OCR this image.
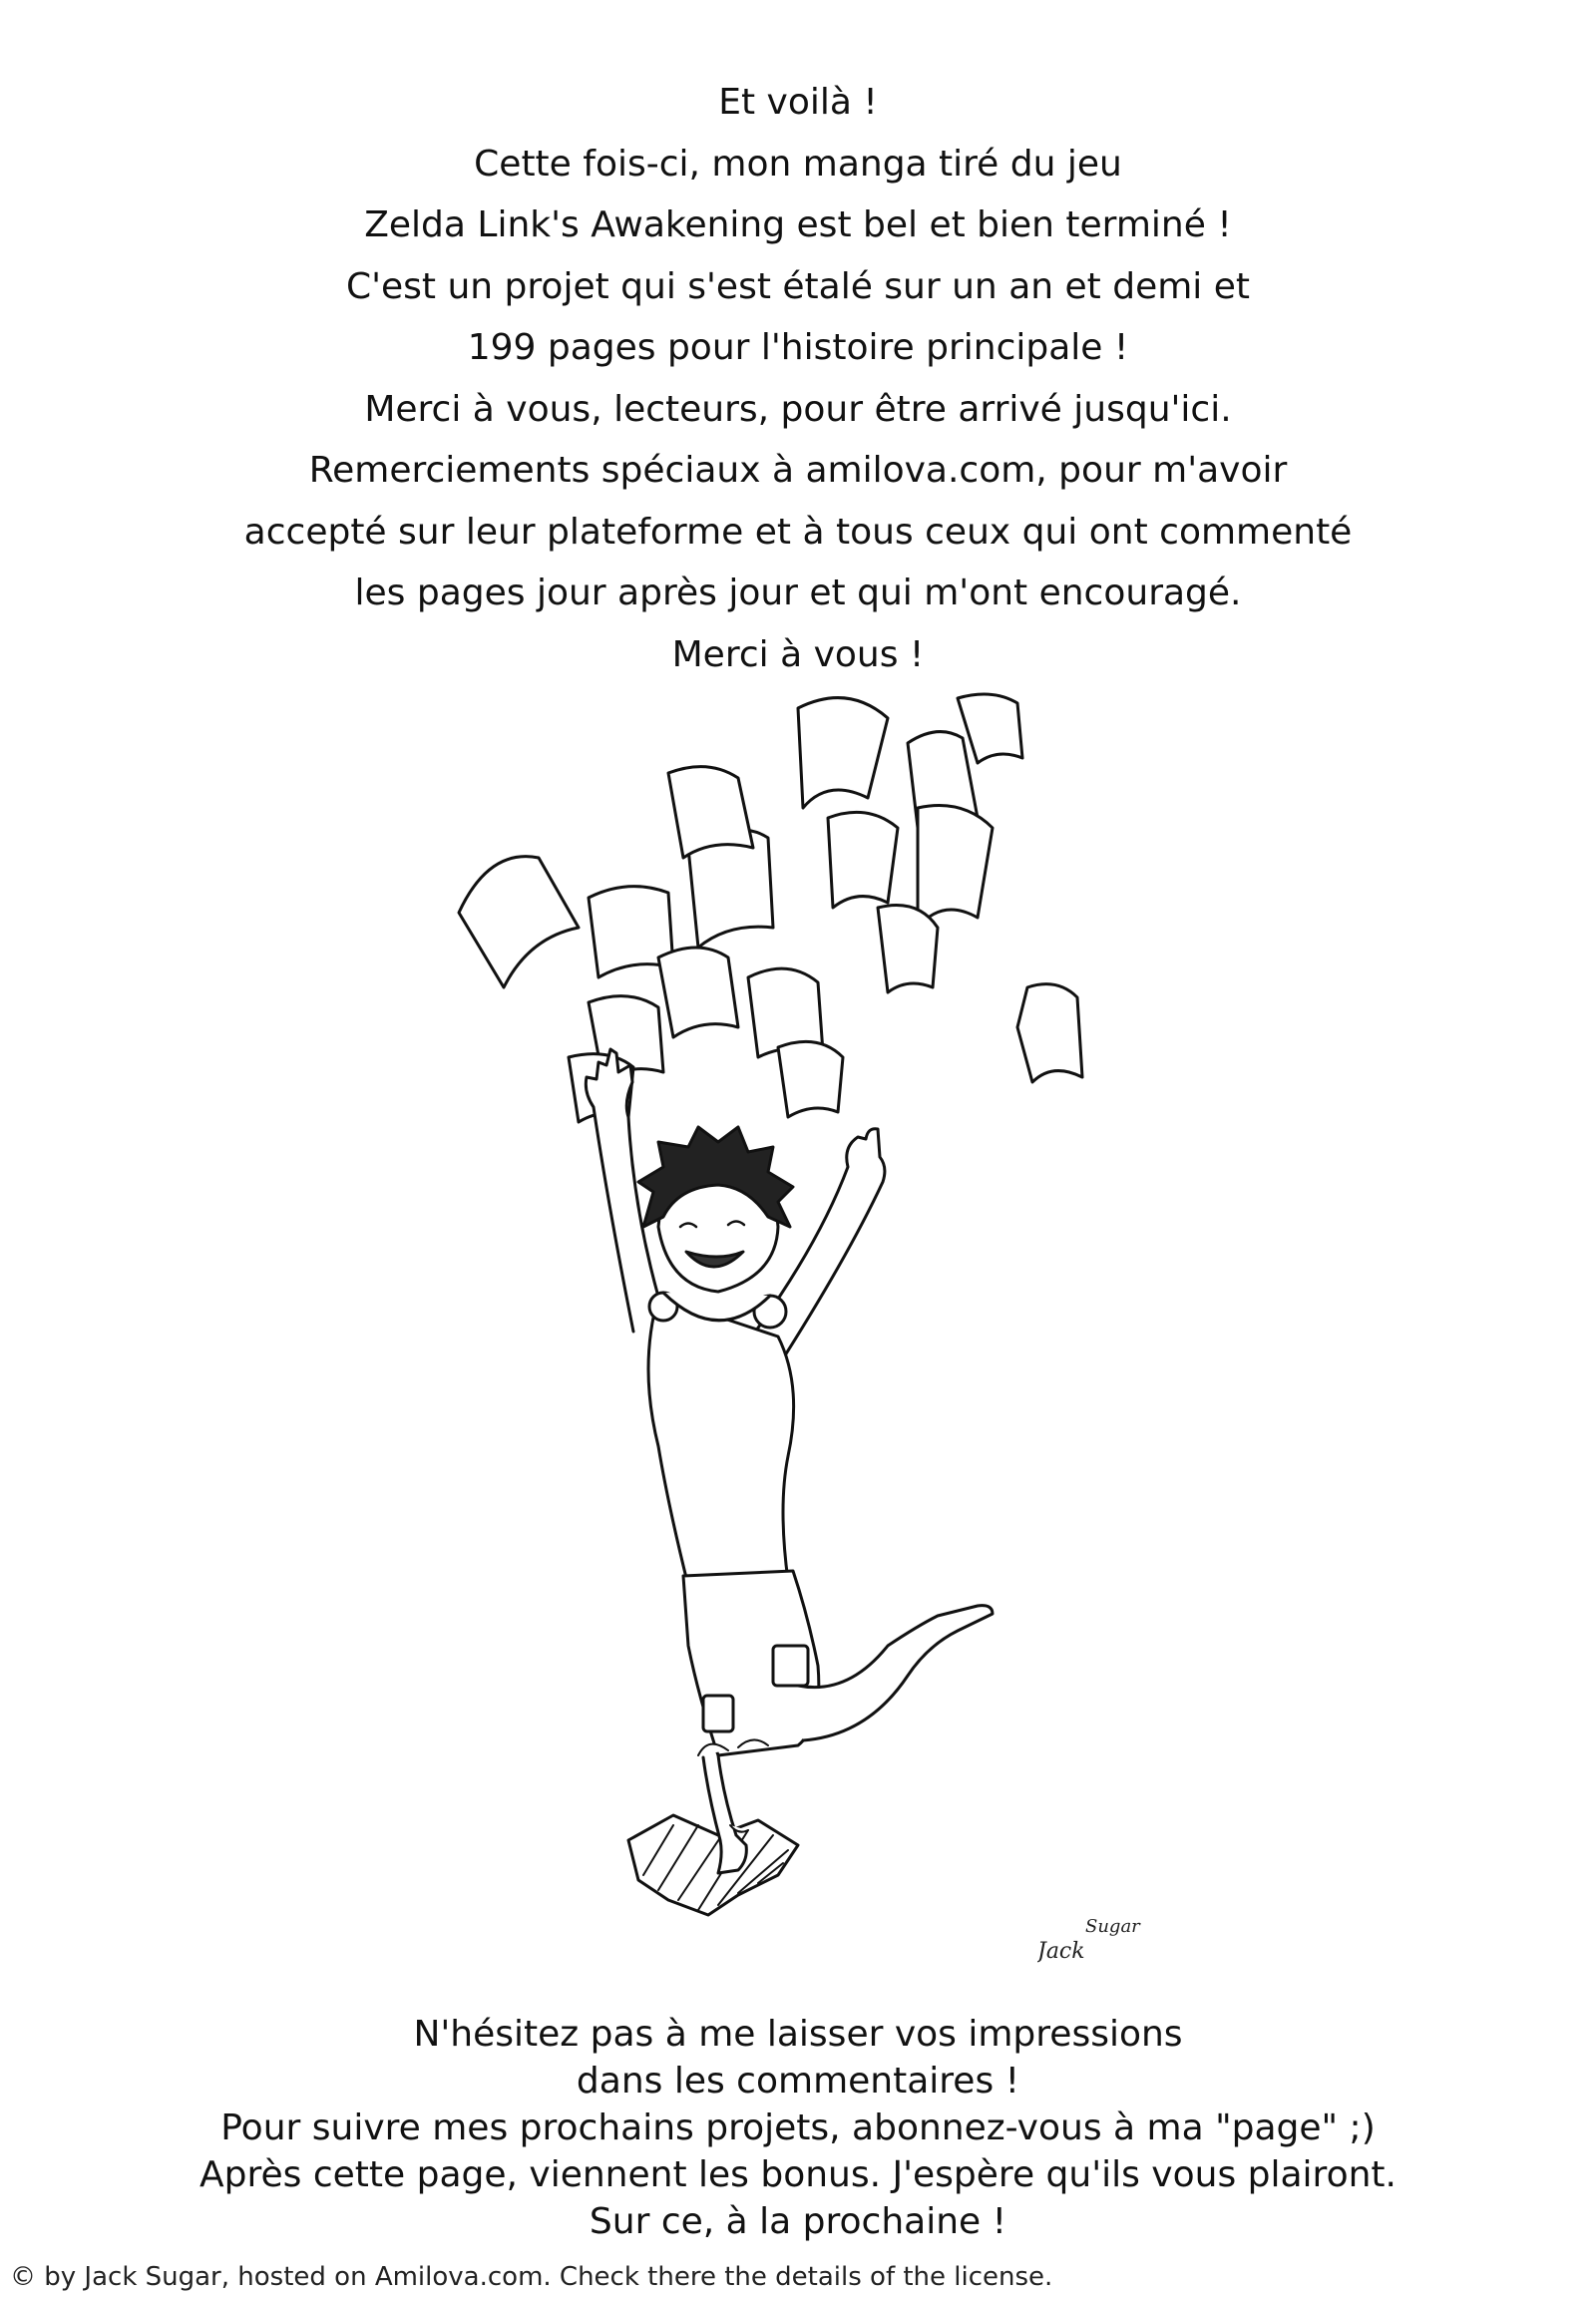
Et voilà !
Cette fois-ci, mon manga tiré du jeu
Zelda Link's Awakening est bel et bien terminé !
C'est un projet qui s'est étalé sur un an et demi et
199 pages pour l'histoire principale !
Merci à vous, lecteurs, pour être arrivé jusqu'ici.
Remerciements spéciaux à amilova.com, pour m'avoir
accepté sur leur plateforme et à tous ceux qui ont commenté
les pages jour après jour et qui m'ont encouragé.
Merci à vous !
Jack
Sugar
N'hésitez pas à me laisser vos impressions
dans les commentaires !
Pour suivre mes prochains projets, abonnez-vous à ma "page" ;)
Après cette page, viennent les bonus. J'espère qu'ils vous plairont.
Sur ce, à la prochaine !
© by Jack Sugar, hosted on Amilova.com. Check there the details of the license.
